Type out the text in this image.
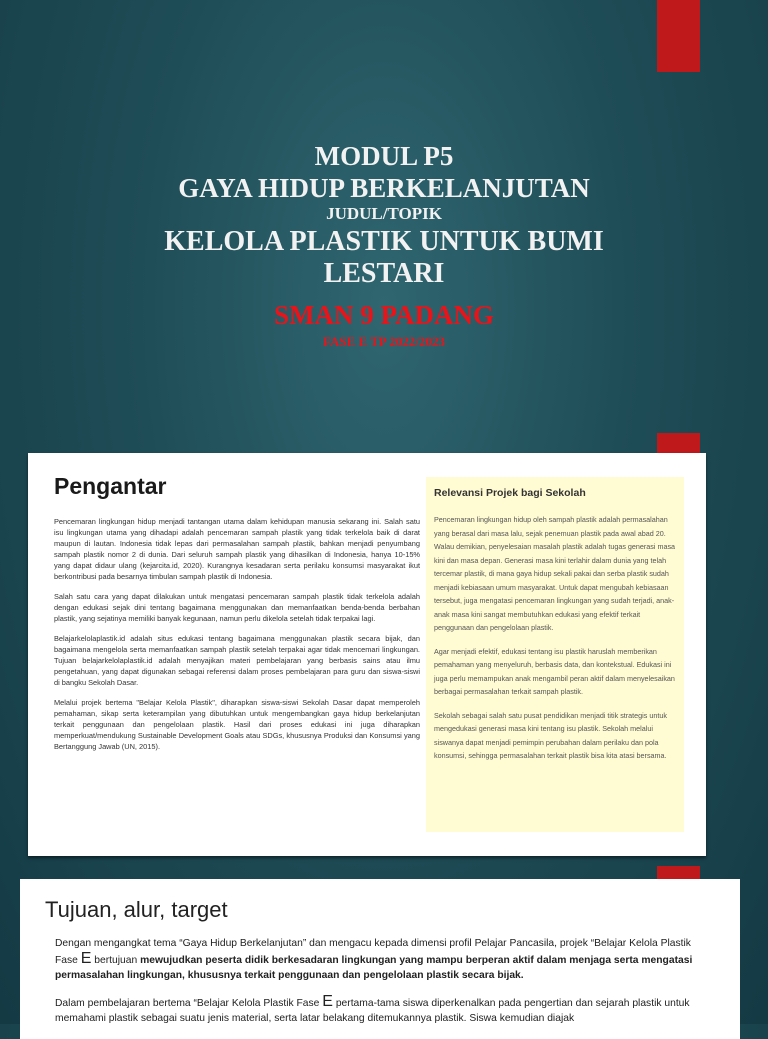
MODUL P5
GAYA HIDUP BERKELANJUTAN
JUDUL/TOPIK
KELOLA PLASTIK UNTUK BUMI
LESTARI
SMAN 9 PADANG
FASE E TP 2022/2023
Pengantar

Pencemaran lingkungan hidup menjadi tantangan utama dalam kehidupan manusia sekarang ini. Salah satu isu lingkungan utama yang dihadapi adalah pencemaran sampah plastik yang tidak terkelola baik di darat maupun di lautan. Indonesia tidak lepas dari permasalahan sampah plastik, bahkan menjadi penyumbang sampah plastik nomor 2 di dunia. Dari seluruh sampah plastik yang dihasilkan di Indonesia, hanya 10-15% yang dapat didaur ulang (kejarcita.id, 2020). Kurangnya kesadaran serta perilaku konsumsi masyarakat ikut berkontribusi pada besarnya timbulan sampah plastik di Indonesia.

Salah satu cara yang dapat dilakukan untuk mengatasi pencemaran sampah plastik tidak terkelola adalah dengan edukasi sejak dini tentang bagaimana menggunakan dan memanfaatkan benda-benda berbahan plastik, yang sejatinya memiliki banyak kegunaan, namun perlu dikelola setelah tidak terpakai lagi.

Belajarkelolaplastik.id adalah situs edukasi tentang bagaimana menggunakan plastik secara bijak, dan bagaimana mengelola serta memanfaatkan sampah plastik setelah terpakai agar tidak mencemari lingkungan. Tujuan belajarkelolaplastik.id adalah menyajikan materi pembelajaran yang berbasis sains atau ilmu pengetahuan, yang dapat digunakan sebagai referensi dalam proses pembelajaran para guru dan siswa-siswi di bangku Sekolah Dasar.

Melalui projek bertema "Belajar Kelola Plastik", diharapkan siswa-siswi Sekolah Dasar dapat memperoleh pemahaman, sikap serta keterampilan yang dibutuhkan untuk mengembangkan gaya hidup berkelanjutan terkait penggunaan dan pengelolaan plastik. Hasil dari proses edukasi ini juga diharapkan memperkuat/mendukung Sustainable Development Goals atau SDGs, khususnya Produksi dan Konsumsi yang Bertanggung Jawab (UN, 2015).

Relevansi Projek bagi Sekolah

Pencemaran lingkungan hidup oleh sampah plastik adalah permasalahan yang berasal dari masa lalu, sejak penemuan plastik pada awal abad 20. Walau demikian, penyelesaian masalah plastik adalah tugas generasi masa kini dan masa depan. Generasi masa kini terlahir dalam dunia yang telah tercemar plastik, di mana gaya hidup sekali pakai dan serba plastik sudah menjadi kebiasaan umum masyarakat. Untuk dapat mengubah kebiasaan tersebut, juga mengatasi pencemaran lingkungan yang sudah terjadi, anak-anak masa kini sangat membutuhkan edukasi yang efektif terkait penggunaan dan pengelolaan plastik.

Agar menjadi efektif, edukasi tentang isu plastik haruslah memberikan pemahaman yang menyeluruh, berbasis data, dan kontekstual. Edukasi ini juga perlu memampukan anak mengambil peran aktif dalam menyelesaikan berbagai permasalahan terkait sampah plastik.

Sekolah sebagai salah satu pusat pendidikan menjadi titik strategis untuk mengedukasi generasi masa kini tentang isu plastik. Sekolah melalui siswanya dapat menjadi pemimpin perubahan dalam perilaku dan pola konsumsi, sehingga permasalahan terkait plastik bisa kita atasi bersama.

Tujuan, alur, target

Dengan mengangkat tema “Gaya Hidup Berkelanjutan” dan mengacu kepada dimensi profil Pelajar Pancasila, projek “Belajar Kelola Plastik Fase E bertujuan mewujudkan peserta didik berkesadaran lingkungan yang mampu berperan aktif dalam menjaga serta mengatasi permasalahan lingkungan, khususnya terkait penggunaan dan pengelolaan plastik secara bijak.

Dalam pembelajaran bertema “Belajar Kelola Plastik Fase E pertama-tama siswa diperkenalkan pada pengertian dan sejarah plastik untuk memahami plastik sebagai suatu jenis material, serta latar belakang ditemukannya plastik. Siswa kemudian diajak
